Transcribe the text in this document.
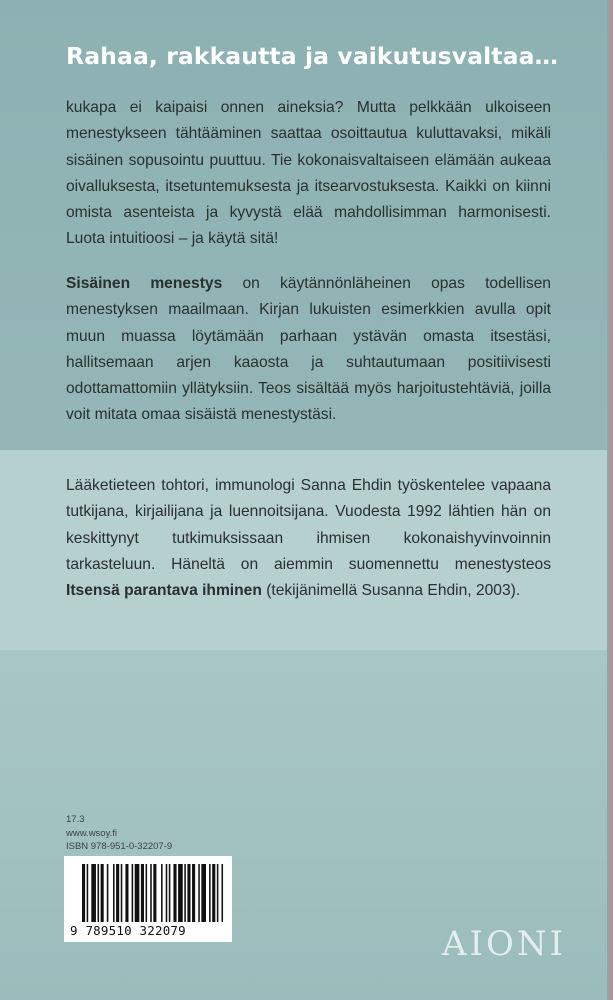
Rahaa, rakkautta ja vaikutusvaltaa…
kukapa ei kaipaisi onnen aineksia? Mutta pelkkään ulkoiseen menestykseen tähtääminen saattaa osoittautua kuluttavaksi, mikäli sisäinen sopusointu puuttuu. Tie kokonaisvaltaiseen elämään aukeaa oivalluksesta, itsetuntemuksesta ja itsearvostuksesta. Kaikki on kiinni omista asenteista ja kyvystä elää mahdollisimman harmonisesti. Luota intuitioosi – ja käytä sitä!
Sisäinen menestys on käytännönläheinen opas todellisen menestyksen maailmaan. Kirjan lukuisten esimerkkien avulla opit muun muassa löytämään parhaan ystävän omasta itsestäsi, hallitsemaan arjen kaaosta ja suhtautumaan positiivisesti odottamattomiin yllätyksiin. Teos sisältää myös harjoitustehtäviä, joilla voit mitata omaa sisäistä menestystäsi.
Lääketieteen tohtori, immunologi Sanna Ehdin työskentelee vapaana tutkijana, kirjailijana ja luennoitsijana. Vuodesta 1992 lähtien hän on keskittynyt tutkimuksissaan ihmisen kokonaishyvinvoinnin tarkasteluun. Häneltä on aiemmin suomennettu menestysteos Itsensä parantava ihminen (tekijänimellä Susanna Ehdin, 2003).
17.3
www.wsoy.fi
ISBN 978-951-0-32207-9
9 789510 322079	AIONI
